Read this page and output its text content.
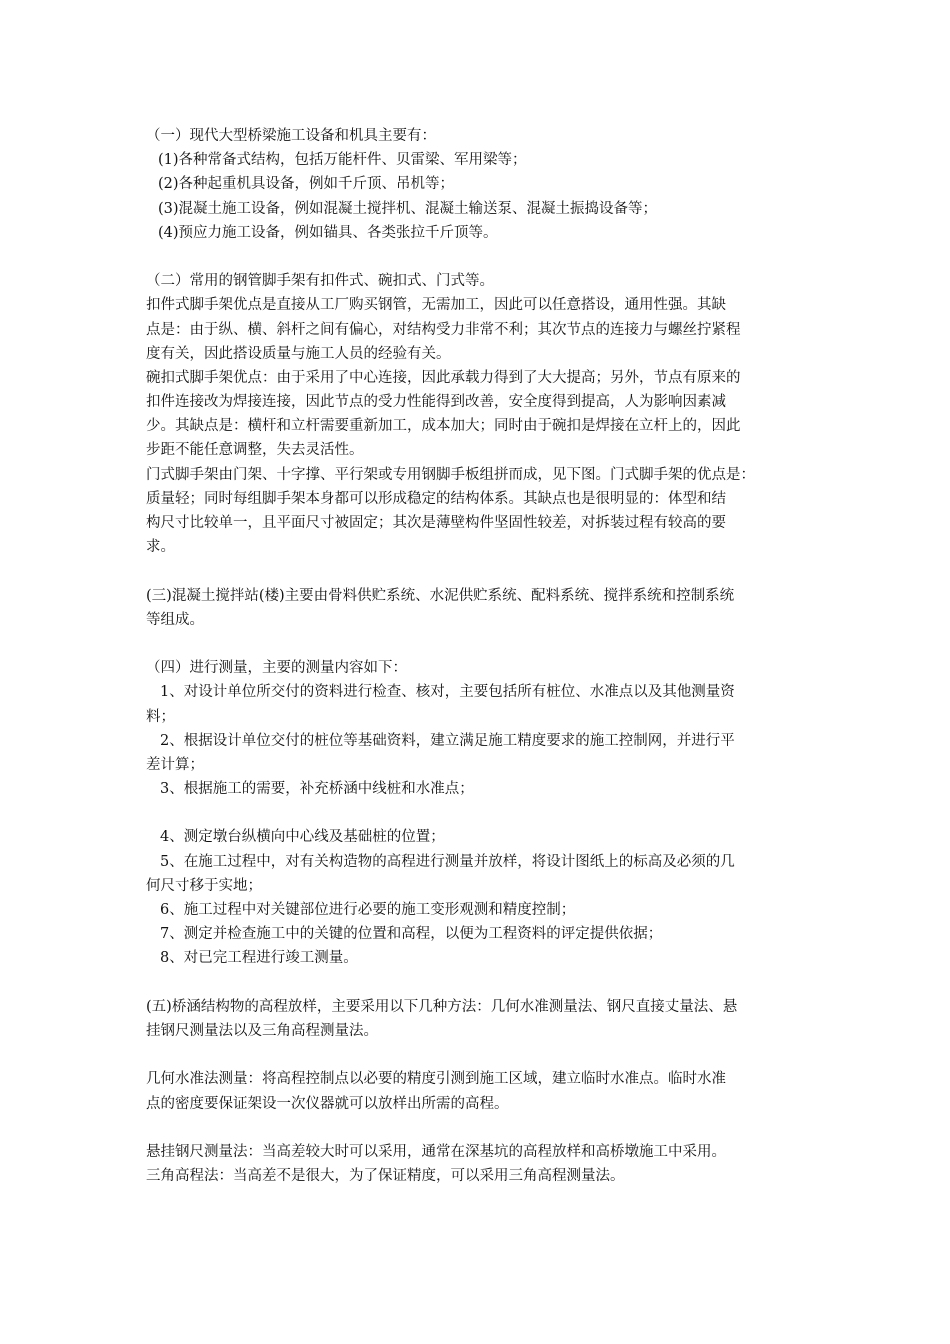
（一）现代大型桥梁施工设备和机具主要有：
(1)各种常备式结构，包括万能杆件、贝雷梁、军用梁等；
(2)各种起重机具设备，例如千斤顶、吊机等；
(3)混凝土施工设备，例如混凝土搅拌机、混凝土输送泵、混凝土振捣设备等；
(4)预应力施工设备，例如锚具、各类张拉千斤顶等。
（二）常用的钢管脚手架有扣件式、碗扣式、门式等。
扣件式脚手架优点是直接从工厂购买钢管，无需加工，因此可以任意搭设，通用性强。其缺
点是：由于纵、横、斜杆之间有偏心，对结构受力非常不利；其次节点的连接力与螺丝拧紧程
度有关，因此搭设质量与施工人员的经验有关。
碗扣式脚手架优点：由于采用了中心连接，因此承载力得到了大大提高；另外，节点有原来的
扣件连接改为焊接连接，因此节点的受力性能得到改善，安全度得到提高，人为影响因素减
少。其缺点是：横杆和立杆需要重新加工，成本加大；同时由于碗扣是焊接在立杆上的，因此
步距不能任意调整，失去灵活性。
门式脚手架由门架、十字撑、平行架或专用钢脚手板组拼而成，见下图。门式脚手架的优点是：
质量轻；同时每组脚手架本身都可以形成稳定的结构体系。其缺点也是很明显的：体型和结
构尺寸比较单一，且平面尺寸被固定；其次是薄壁构件坚固性较差，对拆装过程有较高的要
求。
(三)混凝土搅拌站(楼)主要由骨料供贮系统、水泥供贮系统、配料系统、搅拌系统和控制系统
等组成。
（四）进行测量，主要的测量内容如下：
1、对设计单位所交付的资料进行检查、核对，主要包括所有桩位、水准点以及其他测量资
料；
2、根据设计单位交付的桩位等基础资料，建立满足施工精度要求的施工控制网，并进行平
差计算；
3、根据施工的需要，补充桥涵中线桩和水准点；
4、测定墩台纵横向中心线及基础桩的位置；
5、在施工过程中，对有关构造物的高程进行测量并放样，将设计图纸上的标高及必须的几
何尺寸移于实地；
6、施工过程中对关键部位进行必要的施工变形观测和精度控制；
7、测定并检查施工中的关键的位置和高程，以便为工程资料的评定提供依据；
8、对已完工程进行竣工测量。
(五)桥涵结构物的高程放样，主要采用以下几种方法：几何水准测量法、钢尺直接丈量法、悬
挂钢尺测量法以及三角高程测量法。
几何水准法测量：将高程控制点以必要的精度引测到施工区域，建立临时水准点。临时水准
点的密度要保证架设一次仪器就可以放样出所需的高程。
悬挂钢尺测量法：当高差较大时可以采用，通常在深基坑的高程放样和高桥墩施工中采用。
三角高程法：当高差不是很大，为了保证精度，可以采用三角高程测量法。
